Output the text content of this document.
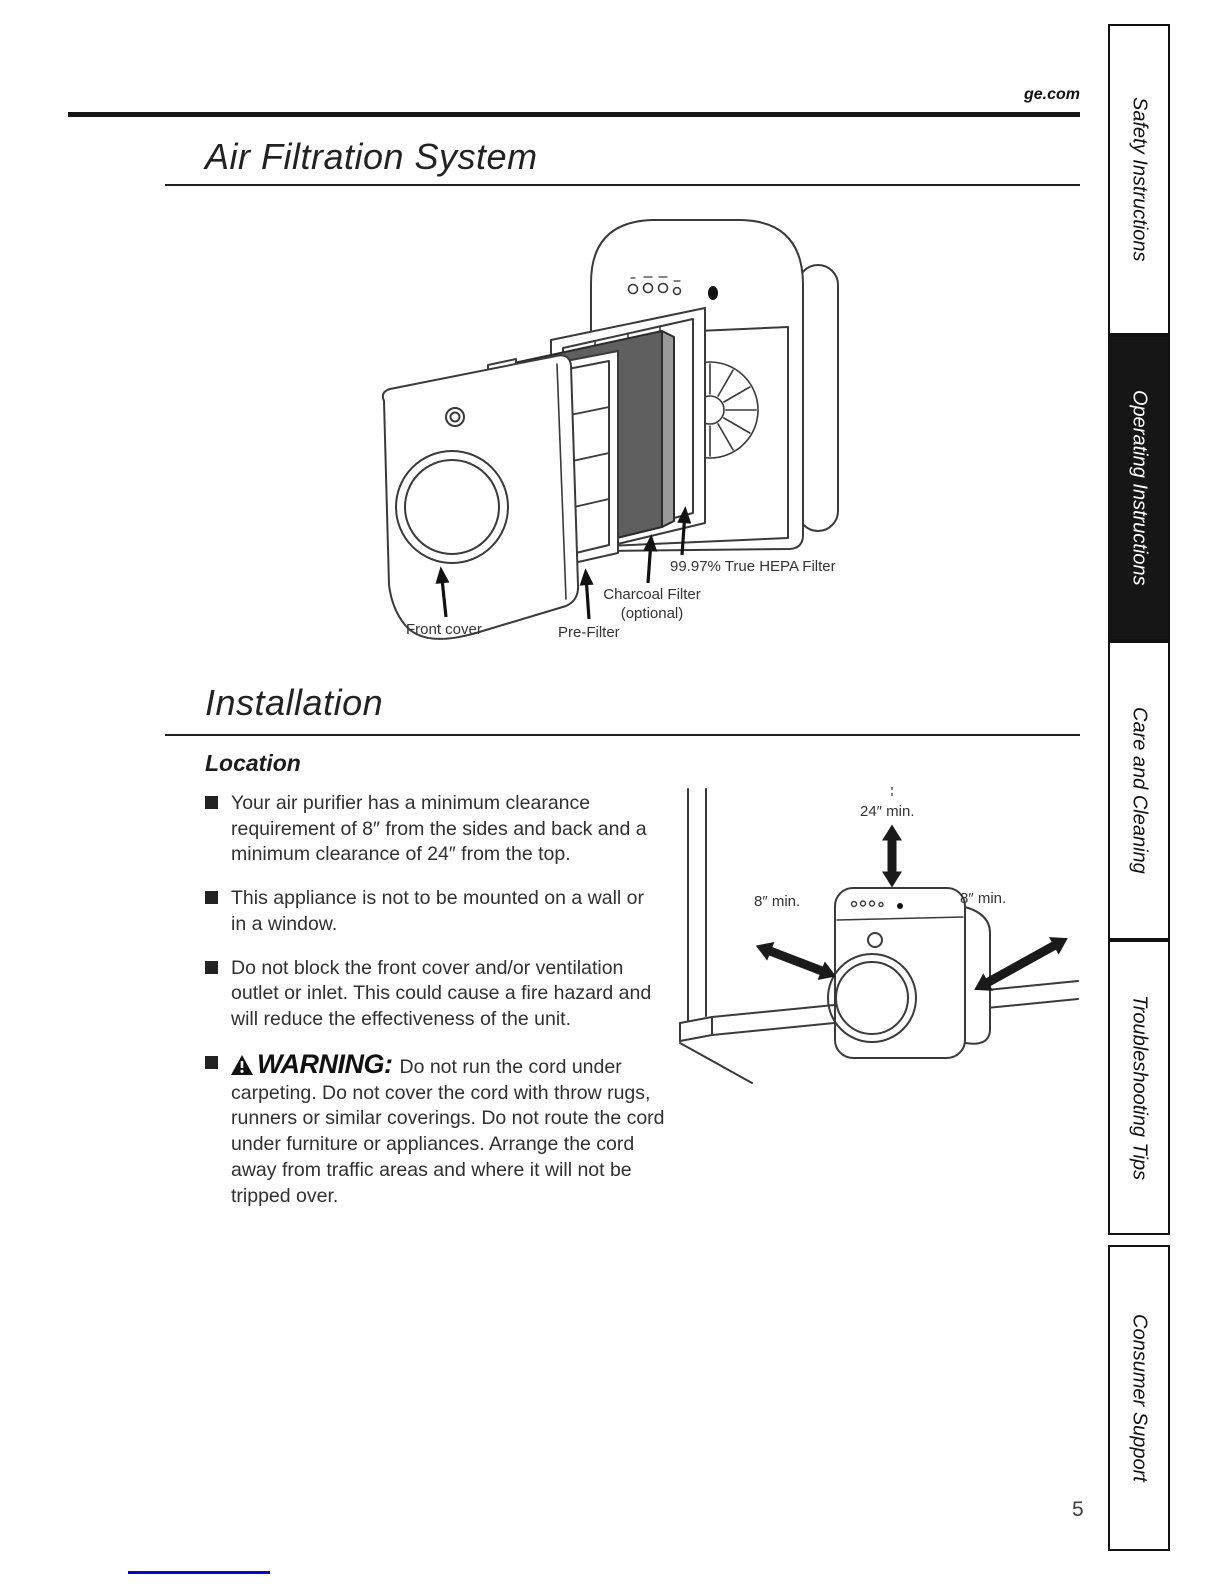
ge.com
Air Filtration System
Front cover	Pre-Filter
Charcoal Filter
(optional)
99.97% True HEPA Filter
Installation
Location
Your air purifier has a minimum clearance requirement of 8″ from the sides and back and a minimum clearance of 24″ from the top.
This appliance is not to be mounted on a wall or in a window.
Do not block the front cover and/or ventilation outlet or inlet. This could cause a fire hazard and will reduce the effectiveness of the unit.

WARNING: Do not run the cord under carpeting. Do not cover the cord with throw rugs, runners or similar coverings. Do not route the cord under furniture or appliances. Arrange the cord away from traffic areas and where it will not be tripped over.

24″ min.
8″ min.	8″ min.
Safety Instructions
Operating Instructions
Care and Cleaning
Troubleshooting Tips
Consumer Support
5
